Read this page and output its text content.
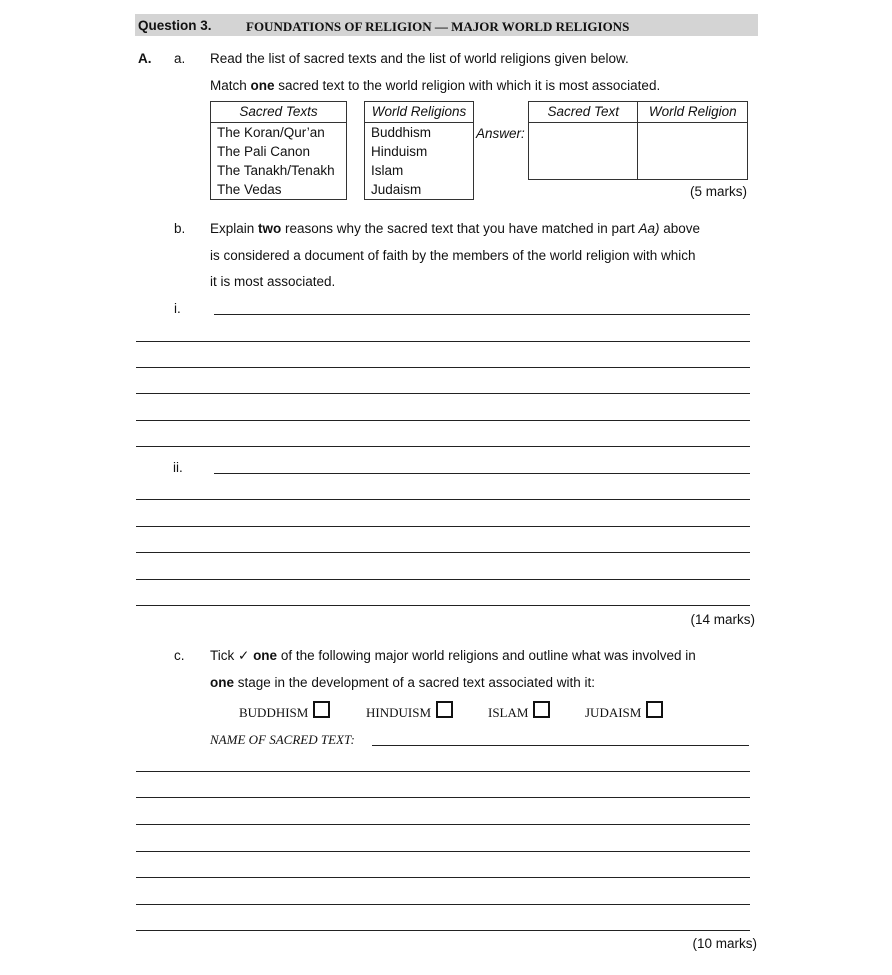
Question 3.	FOUNDATIONS OF RELIGION — MAJOR WORLD RELIGIONS
A. a. Read the list of sacred texts and the list of world religions given below.
Match one sacred text to the world religion with which it is most associated.
Sacred Texts

The Koran/Qur’an
The Pali Canon
The Tanakh/Tenakh
The Vedas
World Religions

Buddhism
Hinduism
Islam
Judaism
Answer:
Sacred Text	World Religion

(5 marks)
b. Explain two reasons why the sacred text that you have matched in part Aa) above
is considered a document of faith by the members of the world religion with which
it is most associated.
i.
ii.
(14 marks)
c. Tick ✓ one of the following major world religions and outline what was involved in
one stage in the development of a sacred text associated with it:
BUDDHISM	HINDUISM	ISLAM	JUDAISM
NAME OF SACRED TEXT:
(10 marks)
